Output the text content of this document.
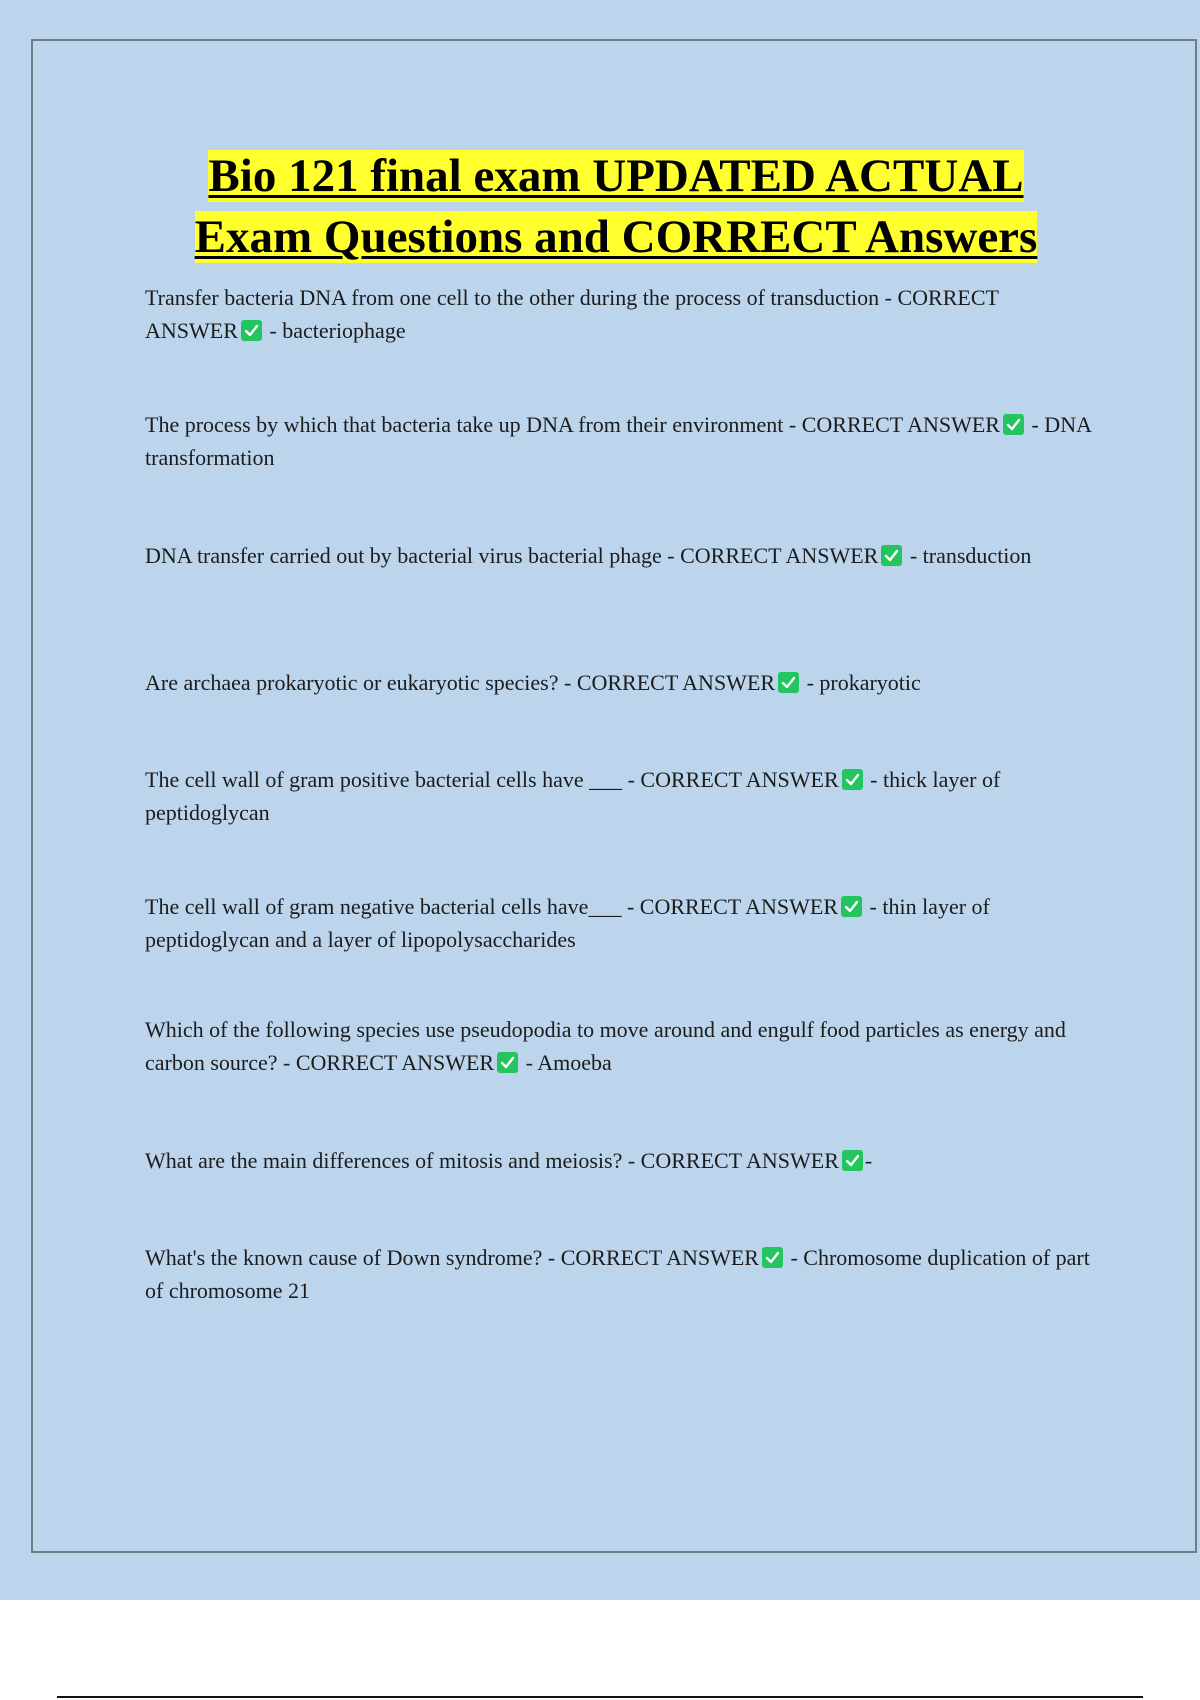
Bio 121 final exam UPDATED ACTUAL
Exam Questions and CORRECT Answers
Transfer bacteria DNA from one cell to the other during the process of transduction - CORRECT ANSWER - bacteriophage
The process by which that bacteria take up DNA from their environment - CORRECT ANSWER - DNA transformation
DNA transfer carried out by bacterial virus bacterial phage - CORRECT ANSWER - transduction
Are archaea prokaryotic or eukaryotic species? - CORRECT ANSWER - prokaryotic
The cell wall of gram positive bacterial cells have ___ - CORRECT ANSWER - thick layer of peptidoglycan
The cell wall of gram negative bacterial cells have___ - CORRECT ANSWER - thin layer of peptidoglycan and a layer of lipopolysaccharides
Which of the following species use pseudopodia to move around and engulf food particles as energy and carbon source? - CORRECT ANSWER - Amoeba
What are the main differences of mitosis and meiosis? - CORRECT ANSWER -
What's the known cause of Down syndrome? - CORRECT ANSWER - Chromosome duplication of part of chromosome 21
